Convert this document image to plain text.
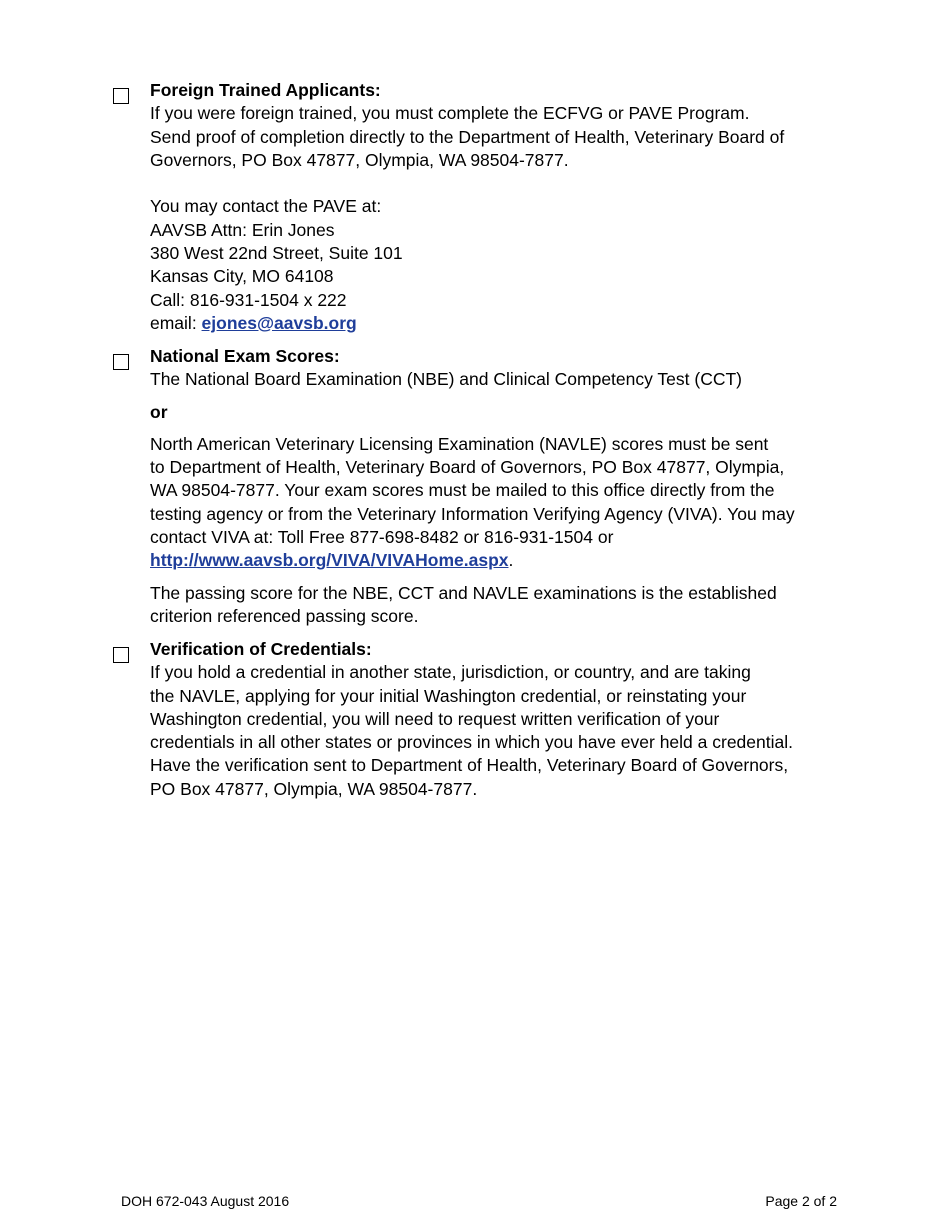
Foreign Trained Applicants:
If you were foreign trained, you must complete the ECFVG or PAVE Program.
Send proof of completion directly to the Department of Health, Veterinary Board of
Governors, PO Box 47877, Olympia, WA 98504-7877.
You may contact the PAVE at:
AAVSB Attn: Erin Jones
380 West 22nd Street, Suite 101
Kansas City, MO 64108
Call: 816-931-1504 x 222
email: ejones@aavsb.org
National Exam Scores:
The National Board Examination (NBE) and Clinical Competency Test (CCT)
or
North American Veterinary Licensing Examination (NAVLE) scores must be sent
to Department of Health, Veterinary Board of Governors, PO Box 47877, Olympia,
WA 98504-7877. Your exam scores must be mailed to this office directly from the
testing agency or from the Veterinary Information Verifying Agency (VIVA). You may
contact VIVA at: Toll Free 877-698-8482 or 816-931-1504 or
http://www.aavsb.org/VIVA/VIVAHome.aspx.
The passing score for the NBE, CCT and NAVLE examinations is the established
criterion referenced passing score.
Verification of Credentials:
If you hold a credential in another state, jurisdiction, or country, and are taking
the NAVLE, applying for your initial Washington credential, or reinstating your
Washington credential, you will need to request written verification of your
credentials in all other states or provinces in which you have ever held a credential.
Have the verification sent to Department of Health, Veterinary Board of Governors,
PO Box 47877, Olympia, WA 98504-7877.
DOH 672-043 August 2016	Page 2 of 2
